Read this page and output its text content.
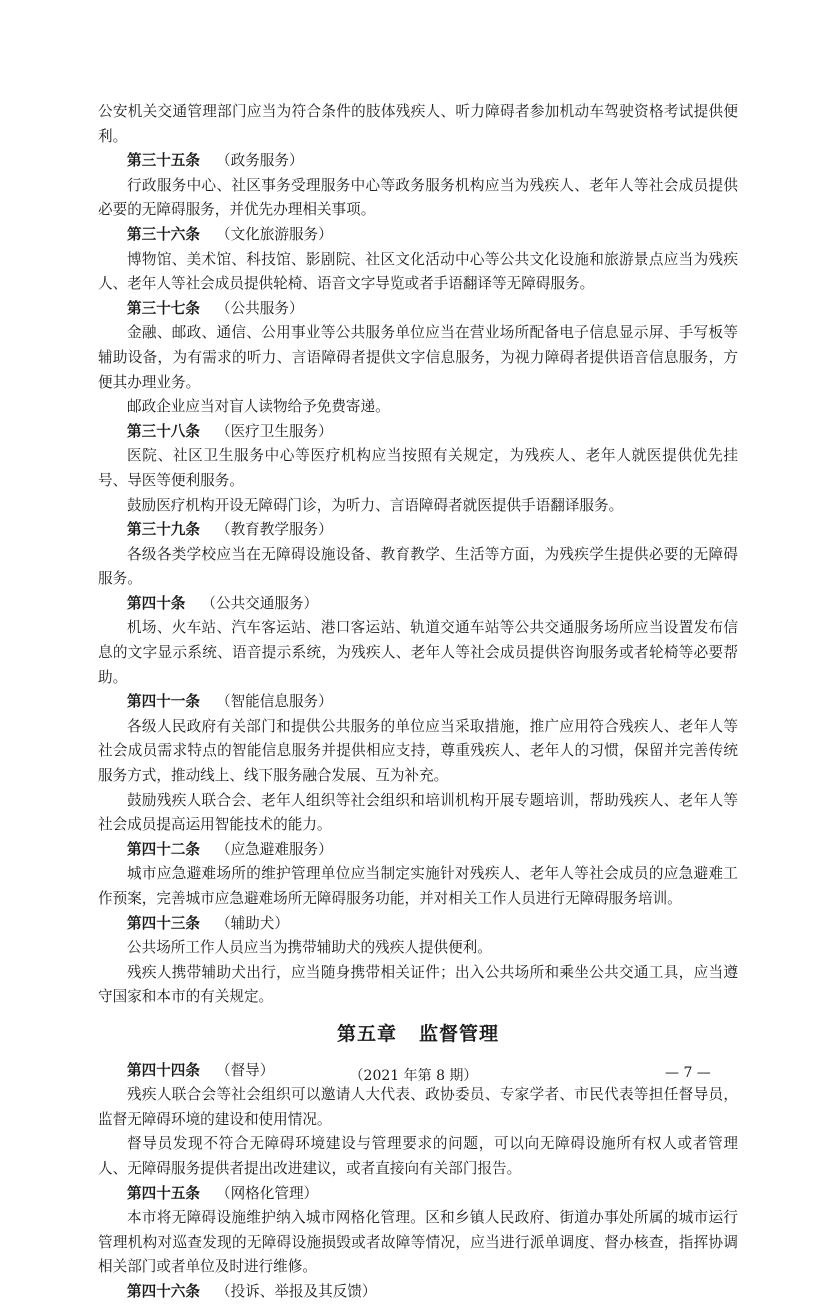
公安机关交通管理部门应当为符合条件的肢体残疾人、听力障碍者参加机动车驾驶资格考试提供便利。

第三十五条 （政务服务）

行政服务中心、社区事务受理服务中心等政务服务机构应当为残疾人、老年人等社会成员提供必要的无障碍服务，并优先办理相关事项。

第三十六条 （文化旅游服务）

博物馆、美术馆、科技馆、影剧院、社区文化活动中心等公共文化设施和旅游景点应当为残疾人、老年人等社会成员提供轮椅、语音文字导览或者手语翻译等无障碍服务。

第三十七条 （公共服务）

金融、邮政、通信、公用事业等公共服务单位应当在营业场所配备电子信息显示屏、手写板等辅助设备，为有需求的听力、言语障碍者提供文字信息服务，为视力障碍者提供语音信息服务，方便其办理业务。

邮政企业应当对盲人读物给予免费寄递。

第三十八条 （医疗卫生服务）

医院、社区卫生服务中心等医疗机构应当按照有关规定，为残疾人、老年人就医提供优先挂号、导医等便利服务。

鼓励医疗机构开设无障碍门诊，为听力、言语障碍者就医提供手语翻译服务。

第三十九条 （教育教学服务）

各级各类学校应当在无障碍设施设备、教育教学、生活等方面，为残疾学生提供必要的无障碍服务。

第四十条 （公共交通服务）

机场、火车站、汽车客运站、港口客运站、轨道交通车站等公共交通服务场所应当设置发布信息的文字显示系统、语音提示系统，为残疾人、老年人等社会成员提供咨询服务或者轮椅等必要帮助。

第四十一条 （智能信息服务）

各级人民政府有关部门和提供公共服务的单位应当采取措施，推广应用符合残疾人、老年人等社会成员需求特点的智能信息服务并提供相应支持，尊重残疾人、老年人的习惯，保留并完善传统服务方式，推动线上、线下服务融合发展、互为补充。

鼓励残疾人联合会、老年人组织等社会组织和培训机构开展专题培训，帮助残疾人、老年人等社会成员提高运用智能技术的能力。

第四十二条 （应急避难服务）

城市应急避难场所的维护管理单位应当制定实施针对残疾人、老年人等社会成员的应急避难工作预案，完善城市应急避难场所无障碍服务功能，并对相关工作人员进行无障碍服务培训。

第四十三条 （辅助犬）

公共场所工作人员应当为携带辅助犬的残疾人提供便利。

残疾人携带辅助犬出行，应当随身携带相关证件；出入公共场所和乘坐公共交通工具，应当遵守国家和本市的有关规定。

第五章 监督管理

第四十四条 （督导）

残疾人联合会等社会组织可以邀请人大代表、政协委员、专家学者、市民代表等担任督导员，监督无障碍环境的建设和使用情况。

督导员发现不符合无障碍环境建设与管理要求的问题，可以向无障碍设施所有权人或者管理人、无障碍服务提供者提出改进建议，或者直接向有关部门报告。

第四十五条 （网格化管理）

本市将无障碍设施维护纳入城市网格化管理。区和乡镇人民政府、街道办事处所属的城市运行管理机构对巡查发现的无障碍设施损毁或者故障等情况，应当进行派单调度、督办核查，指挥协调相关部门或者单位及时进行维修。

第四十六条 （投诉、举报及其反馈）

（2021 年第 8 期）	— 7 —
